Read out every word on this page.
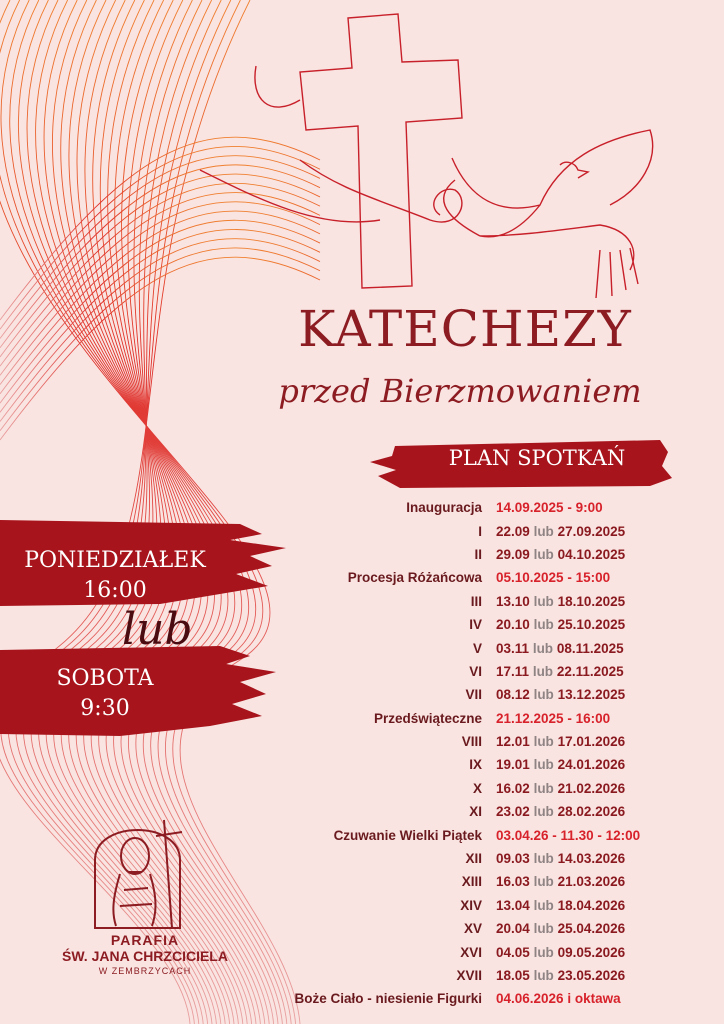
KATECHEZY
przed Bierzmowaniem
PLAN SPOTKAŃ
PONIEDZIAŁEK
16:00
lub
SOBOTA
9:30
Inauguracja	14.09.2025 - 9:00
I	22.09 lub 27.09.2025
II	29.09 lub 04.10.2025
Procesja Różańcowa	05.10.2025 - 15:00
III	13.10 lub 18.10.2025
IV	20.10 lub 25.10.2025
V	03.11 lub 08.11.2025
VI	17.11 lub 22.11.2025
VII	08.12 lub 13.12.2025
Przedświąteczne	21.12.2025 - 16:00
VIII	12.01 lub 17.01.2026
IX	19.01 lub 24.01.2026
X	16.02 lub 21.02.2026
XI	23.02 lub 28.02.2026
Czuwanie Wielki Piątek	03.04.26 - 11.30 - 12:00
XII	09.03 lub 14.03.2026
XIII	16.03 lub 21.03.2026
XIV	13.04 lub 18.04.2026
XV	20.04 lub 25.04.2026
XVI	04.05 lub 09.05.2026
XVII	18.05 lub 23.05.2026
Boże Ciało - niesienie Figurki	04.06.2026 i oktawa
PARAFIA
ŚW. JANA CHRZCICIELA
W ZEMBRZYCACH
